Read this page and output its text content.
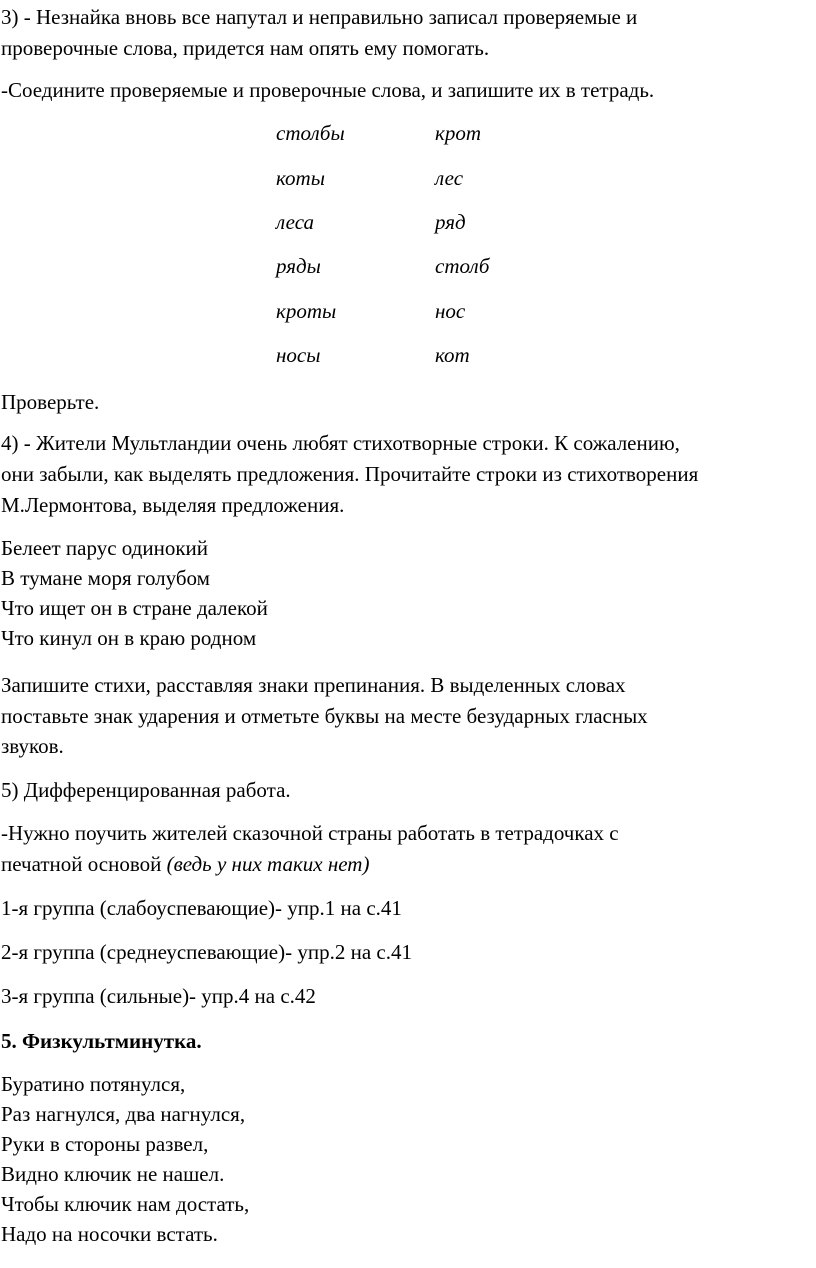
3) - Незнайка вновь все напутал и неправильно записал проверяемые и
проверочные слова, придется нам опять ему помогать.
-Соедините проверяемые и проверочные слова, и запишите их в тетрадь.
столбы	крот
коты	лес
леса	ряд
ряды	столб
кроты	нос
носы	кот
Проверьте.
4) - Жители Мультландии очень любят стихотворные строки. К сожалению,
они забыли, как выделять предложения. Прочитайте строки из стихотворения
М.Лермонтова, выделяя предложения.
Белеет парус одинокий
В тумане моря голубом
Что ищет он в стране далекой
Что кинул он в краю родном
Запишите стихи, расставляя знаки препинания. В выделенных словах
поставьте знак ударения и отметьте буквы на месте безударных гласных
звуков.
5) Дифференцированная работа.
-Нужно поучить жителей сказочной страны работать в тетрадочках с
печатной основой (ведь у них таких нет)
1-я группа (слабоуспевающие)- упр.1 на с.41
2-я группа (среднеуспевающие)- упр.2 на с.41
3-я группа (сильные)- упр.4 на с.42
5. Физкультминутка.
Буратино потянулся,
Раз нагнулся, два нагнулся,
Руки в стороны развел,
Видно ключик не нашел.
Чтобы ключик нам достать,
Надо на носочки встать.
